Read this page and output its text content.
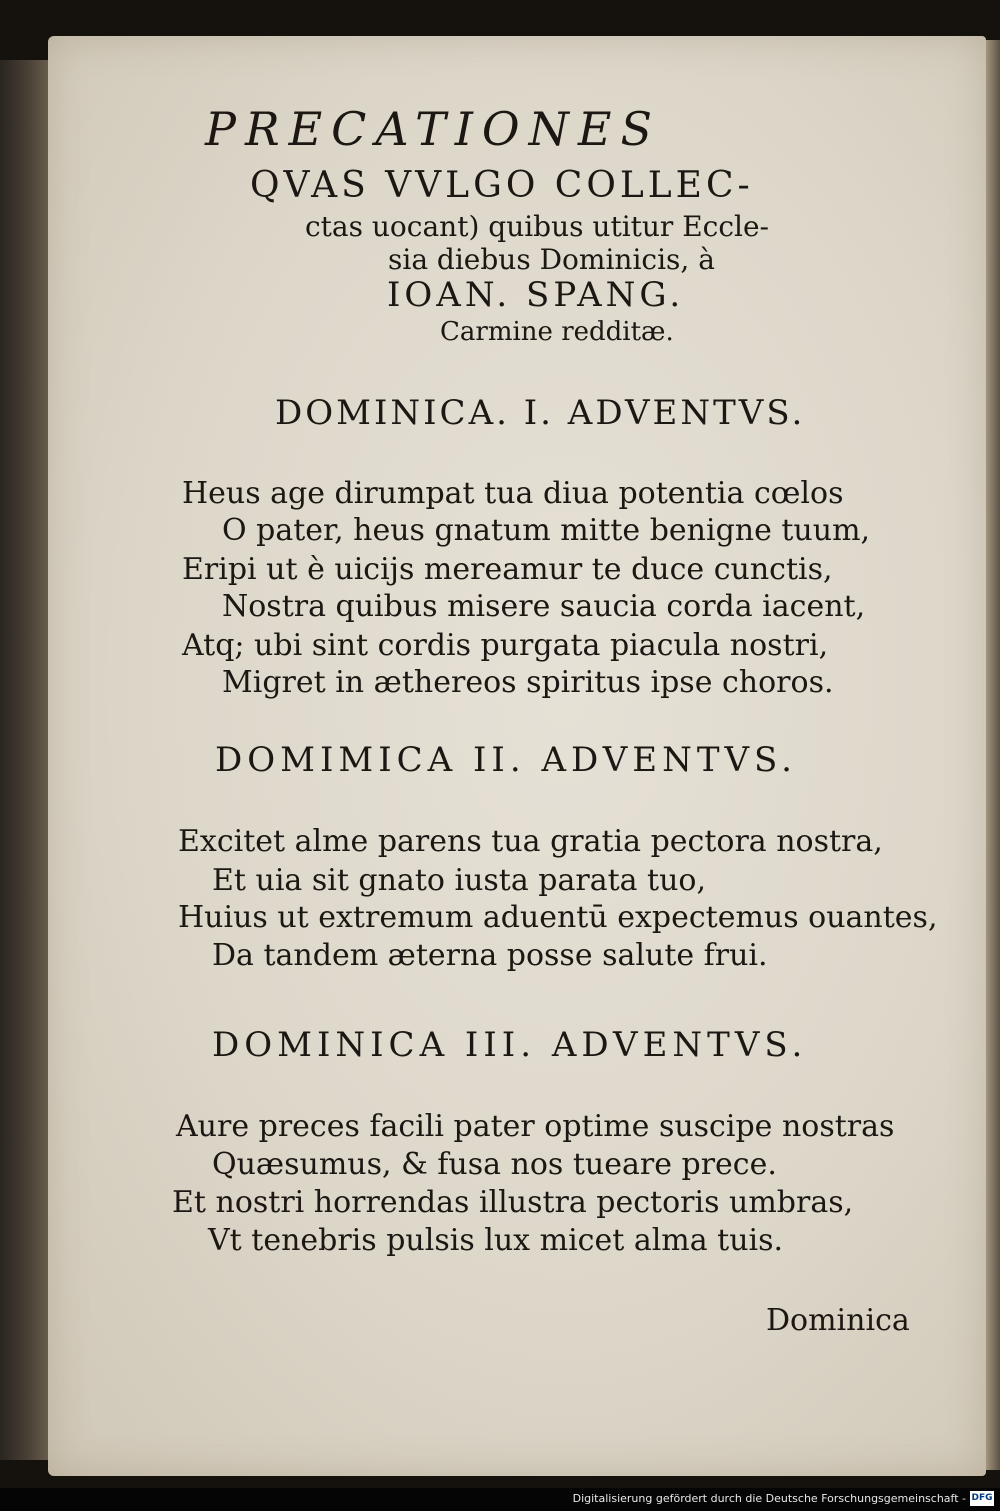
PRECATIONES
QVAS VVLGO COLLEC-
ctas uocant) quibus utitur Eccle-
sia diebus Dominicis, à
IOAN. SPANG.
Carmine redditæ.
DOMINICA. I. ADVENTVS.
Heus age dirumpat tua diua potentia cœlos
O pater, heus gnatum mitte benigne tuum,
Eripi ut è uicijs mereamur te duce cunctis,
Nostra quibus misere saucia corda iacent,
Atq; ubi sint cordis purgata piacula nostri,
Migret in æthereos spiritus ipse choros.
DOMIMICA II. ADVENTVS.
Excitet alme parens tua gratia pectora nostra,
Et uia sit gnato iusta parata tuo,
Huius ut extremum aduentū expectemus ouantes,
Da tandem æterna posse salute frui.
DOMINICA III. ADVENTVS.
Aure preces facili pater optime suscipe nostras
Quæsumus, & fusa nos tueare prece.
Et nostri horrendas illustra pectoris umbras,
Vt tenebris pulsis lux micet alma tuis.
Dominica
Digitalisierung gefördert durch die Deutsche Forschungsgemeinschaft - DFG
